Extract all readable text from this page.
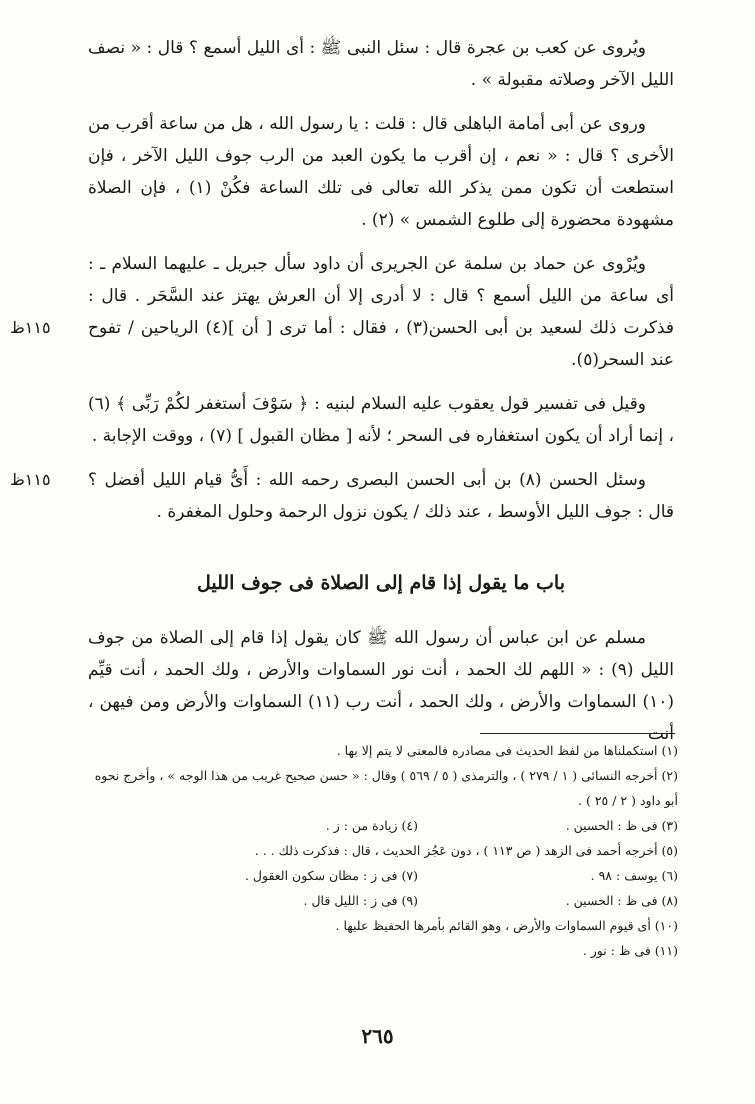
ويُروى عن كعب بن عجرة قال : سئل النبى ﷺ : أى الليل أسمع ؟ قال : « نصف الليل الآخر وصلاته مقبولة » .

وروى عن أبى أمامة الباهلى قال : قلت : يا رسول الله ، هل من ساعة أقرب من الأخرى ؟ قال : « نعم ، إن أقرب ما يكون العبد من الرب جوف الليل الآخر ، فإن استطعت أن تكون ممن يذكر الله تعالى فى تلك الساعة فكُنْ (١) ، فإن الصلاة مشهودة محضورة إلى طلوع الشمس » (٢) .

ويُرْوى عن حماد بن سلمة عن الجريرى أن داود سأل جبريل ـ عليهما السلام ـ : أى ساعة من الليل أسمع ؟ قال : لا أدرى إلا أن العرش يهتز عند السَّحَر . قال : فذكرت ذلك لسعيد بن أبى الحسن(٣) ، فقال : أما ترى [ أن ](٤) الرياحين / تفوح عند السحر(٥).

وقيل فى تفسير قول يعقوب عليه السلام لبنيه : ﴿ سَوْفَ أستغفر لكُمْ رَبِّى ﴾ (٦) ، إنما أراد أن يكون استغفاره فى السحر ؛ لأنه [ مظان القبول ] (٧) ، ووقت الإجابة .

وسئل الحسن (٨) بن أبى الحسن البصرى رحمه الله : أَىُّ قيام الليل أفضل ؟ قال : جوف الليل الأوسط ، عند ذلك / يكون نزول الرحمة وحلول المغفرة .

١١٥ظ
١١٥ظ
باب ما يقول إذا قام إلى الصلاة فى جوف الليل

مسلم عن ابن عباس أن رسول الله ﷺ كان يقول إذا قام إلى الصلاة من جوف الليل (٩) : « اللهم لك الحمد ، أنت نور السماوات والأرض ، ولك الحمد ، أنت قيِّم (١٠) السماوات والأرض ، ولك الحمد ، أنت رب (١١) السماوات والأرض ومن فيهن ، أنت

(١) استكملناها من لفظ الحديث فى مصادره فالمعنى لا يتم إلا بها .
(٢) أخرجه النسائى ( ١ / ٢٧٩ ) ، والترمذى ( ٥ / ٥٦٩ ) وقال : « حسن صحيح غريب من هذا الوجه » ، وأخرج نحوه أبو داود ( ٢ / ٢٥ ) .
(٣) فى ظ : الحسين .
(٤) زيادة من : ز .
(٥) أخرجه أحمد فى الزهد ( ص ١١٣ ) ، دون عَجُز الحديث ، قال : فذكرت ذلك . . .
(٦) يوسف : ٩٨ .
(٧) فى ز : مظان سكون العقول .
(٨) فى ظ : الحسين .
(٩) فى ز : الليل قال .
(١٠) أى قيوم السماوات والأرض ، وهو القائم بأمرها الحفيظ عليها .
(١١) فى ظ : نور .
٢٦٥
